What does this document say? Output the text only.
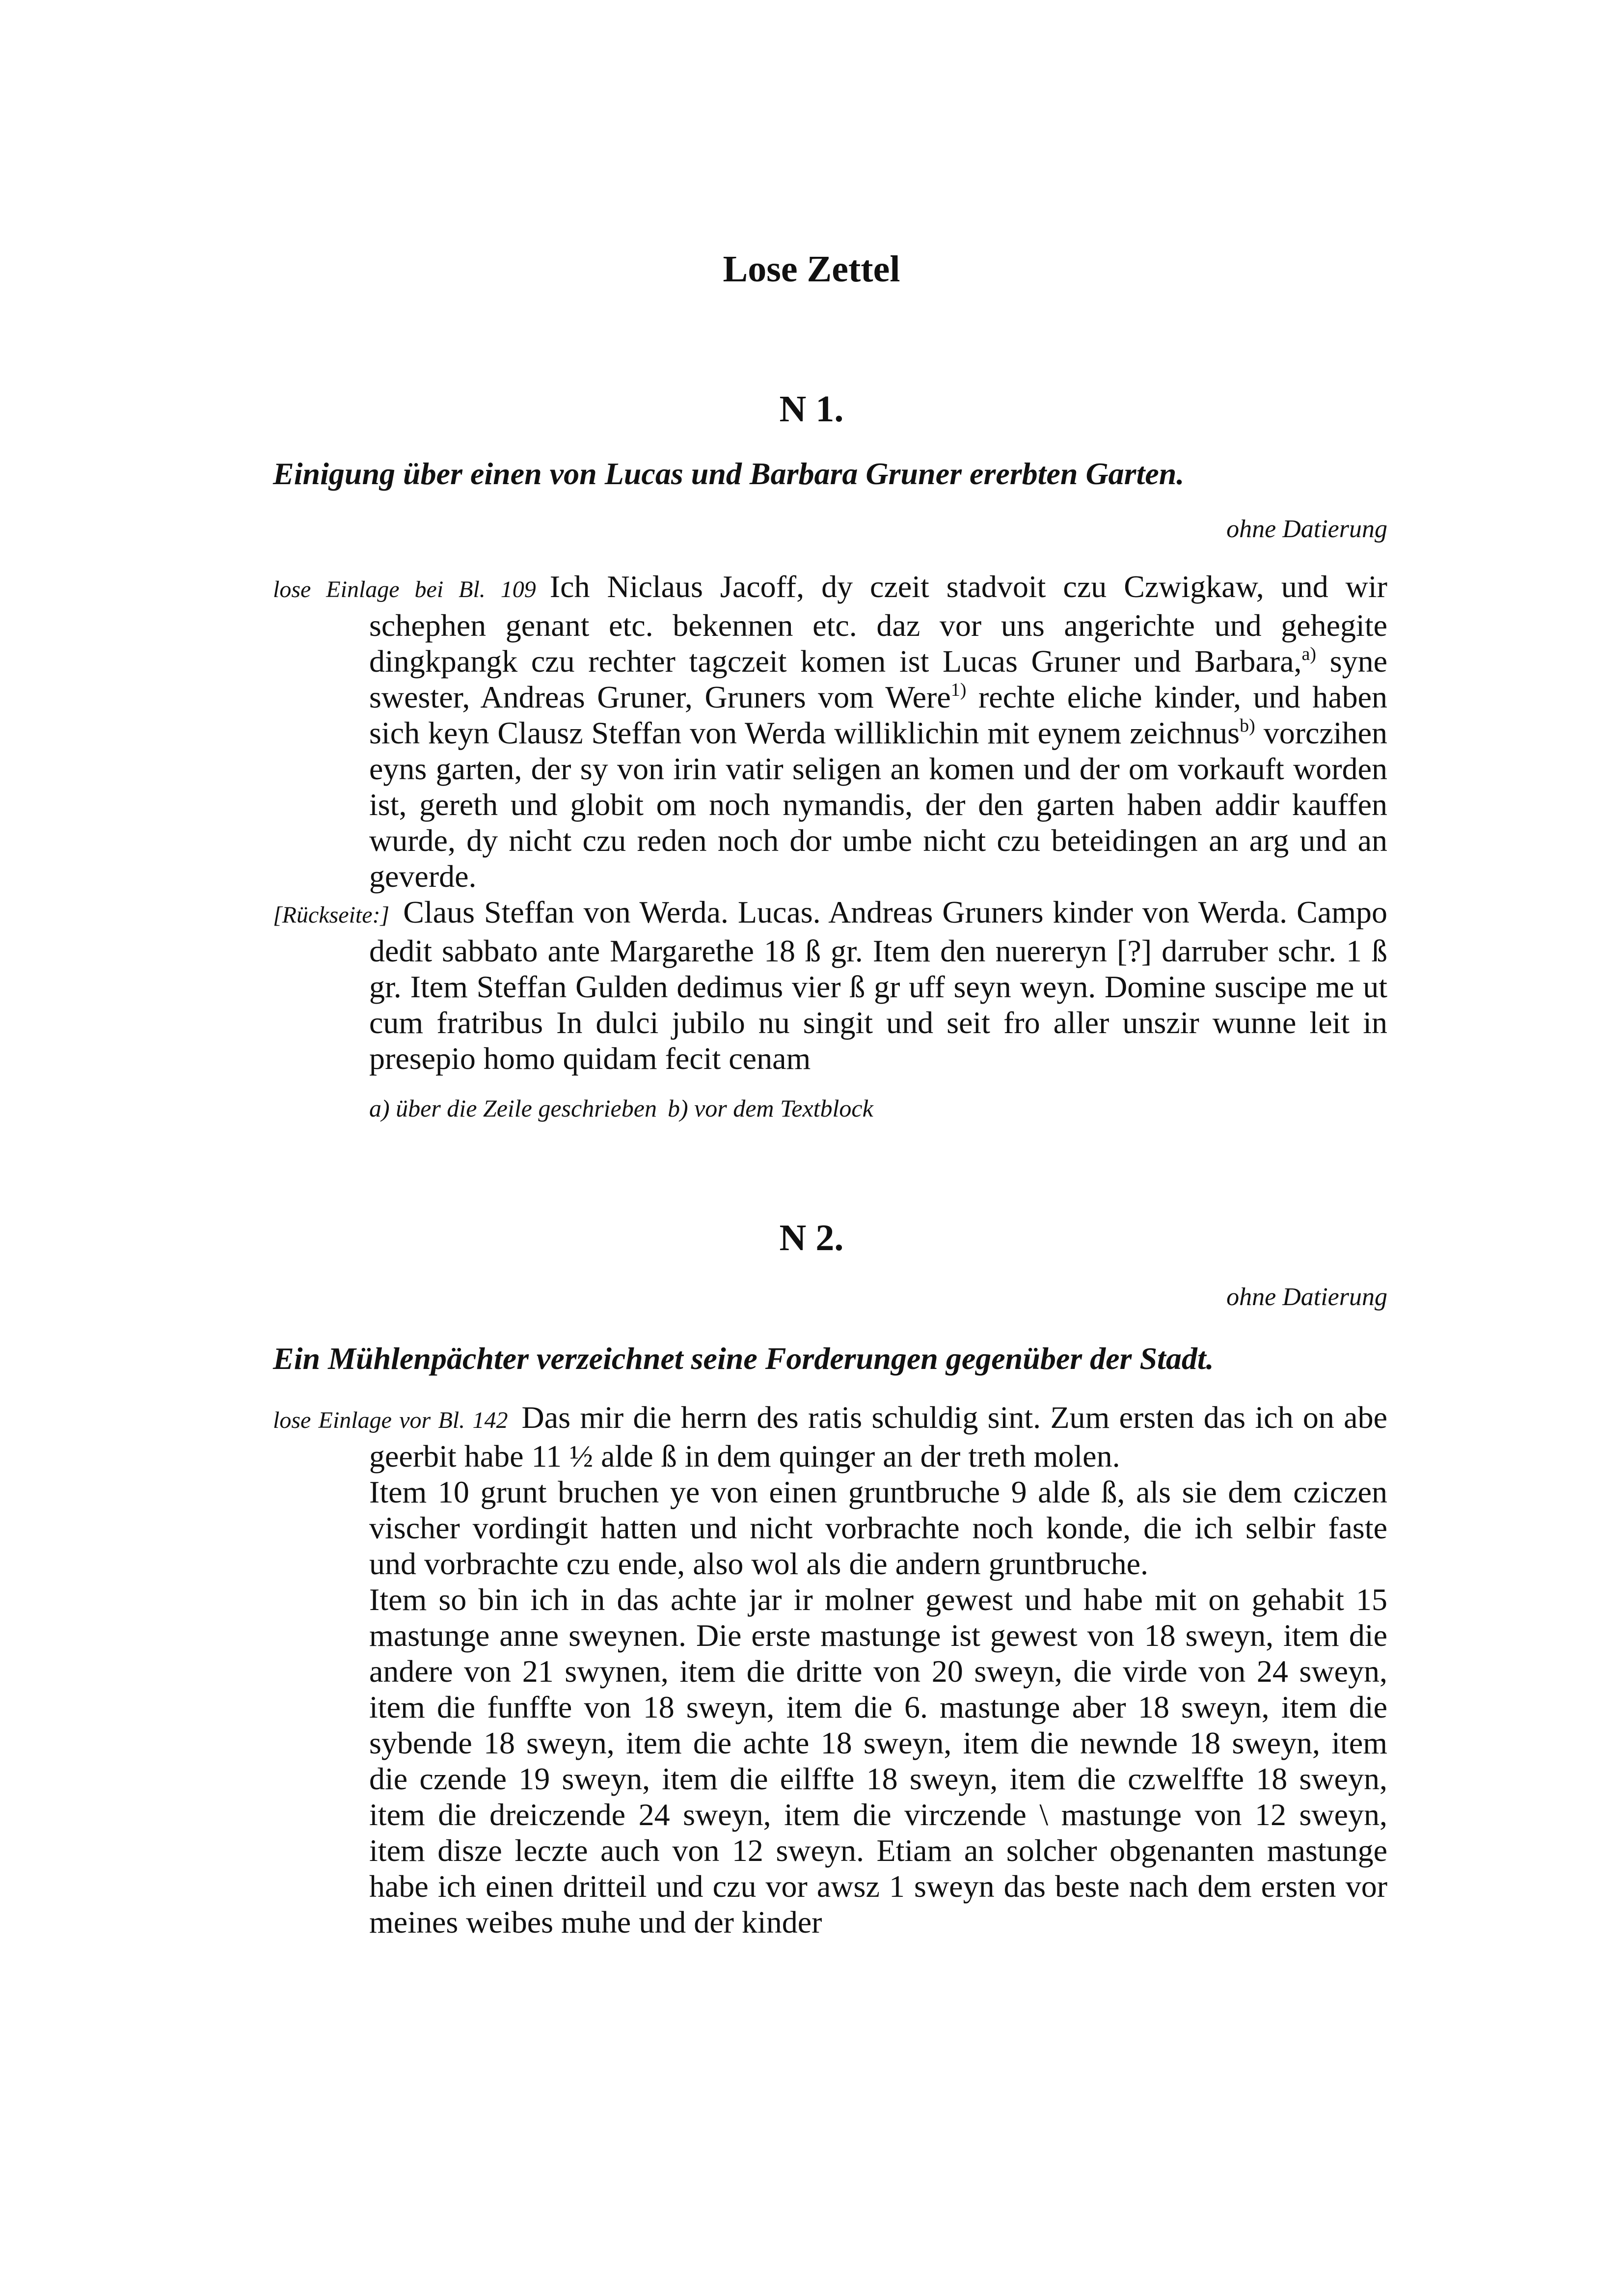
Lose Zettel
N 1.

Einigung über einen von Lucas und Barbara Gruner ererbten Garten.

ohne Datierung

lose Einlage bei Bl. 109 Ich Niclaus Jacoff, dy czeit stadvoit czu Czwigkaw, und wir schephen genant etc. bekennen etc. daz vor uns angerichte und gehegite dingkpangk czu rechter tagczeit komen ist Lucas Gruner und Barbara,$^{a)}$ syne swester, Andreas Gruner, Gruners vom Were$^{1)}$ rechte eliche kinder, und haben sich keyn Clausz Steffan von Werda williklichin mit eynem zeichnus$^{b)}$ vorczihen eyns garten, der sy von irin vatir seligen an komen und der om vorkauft worden ist, gereth und globit om noch nymandis, der den garten haben addir kauffen wurde, dy nicht czu reden noch dor umbe nicht czu beteidingen an arg und an geverde.

[Rückseite:] Claus Steffan von Werda. Lucas. Andreas Gruners kinder von Werda. Campo dedit sabbato ante Margarethe 18 ß gr. Item den nuereryn [?] darruber schr. 1 ß gr. Item Steffan Gulden dedimus vier ß gr uff seyn weyn. Domine suscipe me ut cum fratribus In dulci jubilo nu singit und seit fro aller unszir wunne leit in presepio homo quidam fecit cenam

a) über die Zeile geschrieben b) vor dem Textblock

N 2.

ohne Datierung

Ein Mühlenpächter verzeichnet seine Forderungen gegenüber der Stadt.

lose Einlage vor Bl. 142 Das mir die herrn des ratis schuldig sint. Zum ersten das ich on abe geerbit habe 11 ½ alde ß in dem quinger an der treth molen.

Item 10 grunt bruchen ye von einen gruntbruche 9 alde ß, als sie dem cziczen vischer vordingit hatten und nicht vorbrachte noch konde, die ich selbir faste und vorbrachte czu ende, also wol als die andern gruntbruche.

Item so bin ich in das achte jar ir molner gewest und habe mit on gehabit 15 mastunge anne sweynen. Die erste mastunge ist gewest von 18 sweyn, item die andere von 21 swynen, item die dritte von 20 sweyn, die virde von 24 sweyn, item die funffte von 18 sweyn, item die 6. mastunge aber 18 sweyn, item die sybende 18 sweyn, item die achte 18 sweyn, item die newnde 18 sweyn, item die czende 19 sweyn, item die eilffte 18 sweyn, item die czwelffte 18 sweyn, item die dreiczende 24 sweyn, item die virczende \ mastunge von 12 sweyn, item disze leczte auch von 12 sweyn. Etiam an solcher obgenanten mastunge habe ich einen dritteil und czu vor awsz 1 sweyn das beste nach dem ersten vor meines weibes muhe und der kinder
